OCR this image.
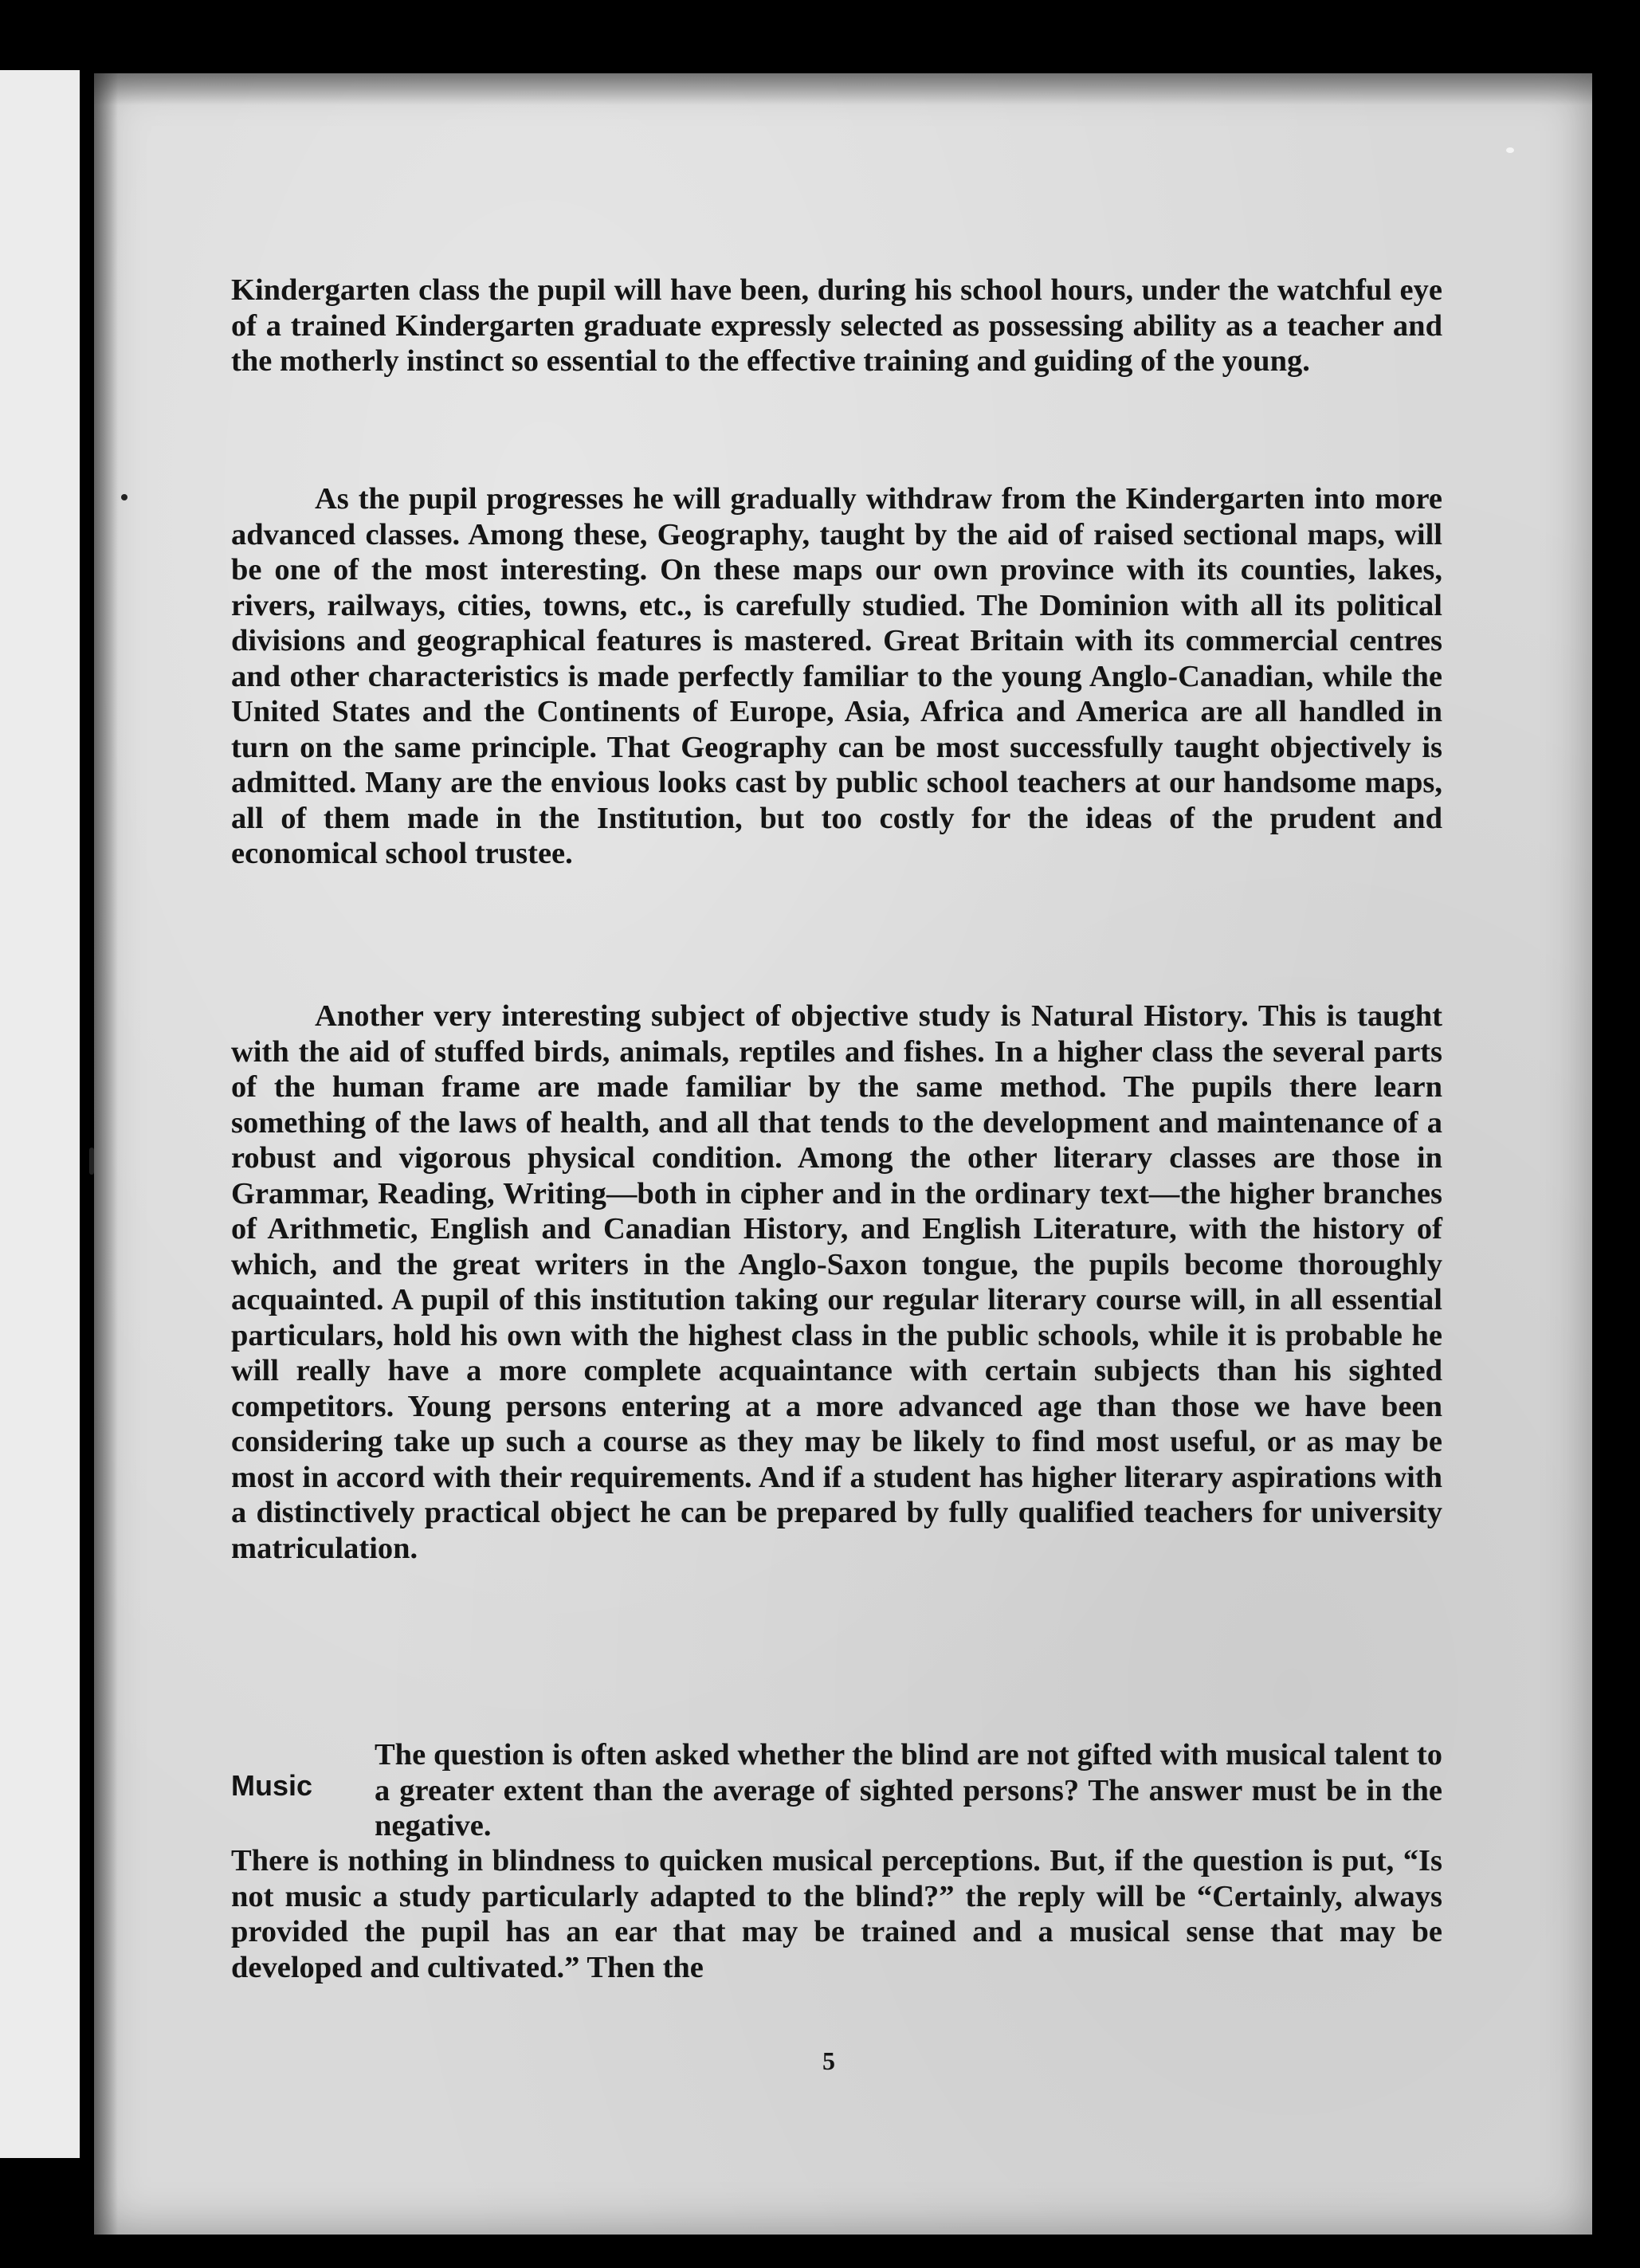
Kindergarten class the pupil will have been, during his school hours, under the watchful eye of a trained Kindergarten graduate expressly selected as possessing ability as a teacher and the motherly instinct so essential to the effective training and guiding of the young.

As the pupil progresses he will gradually withdraw from the Kindergarten into more advanced classes. Among these, Geography, taught by the aid of raised sectional maps, will be one of the most interesting. On these maps our own province with its counties, lakes, rivers, railways, cities, towns, etc., is carefully studied. The Dominion with all its political divisions and geographical features is mastered. Great Britain with its commercial centres and other characteristics is made perfectly familiar to the young Anglo-Canadian, while the United States and the Continents of Europe, Asia, Africa and America are all handled in turn on the same principle. That Geography can be most successfully taught objectively is admitted. Many are the envious looks cast by public school teachers at our handsome maps, all of them made in the Institution, but too costly for the ideas of the prudent and economical school trustee.

Another very interesting subject of objective study is Natural History. This is taught with the aid of stuffed birds, animals, reptiles and fishes. In a higher class the several parts of the human frame are made familiar by the same method. The pupils there learn something of the laws of health, and all that tends to the development and maintenance of a robust and vigorous physical condition. Among the other literary classes are those in Grammar, Reading, Writing—both in cipher and in the ordinary text—the higher branches of Arithmetic, English and Canadian History, and English Literature, with the history of which, and the great writers in the Anglo-Saxon tongue, the pupils become thoroughly acquainted. A pupil of this institution taking our regular literary course will, in all essential particulars, hold his own with the highest class in the public schools, while it is probable he will really have a more complete acquaintance with certain subjects than his sighted competitors. Young persons entering at a more advanced age than those we have been considering take up such a course as they may be likely to find most useful, or as may be most in accord with their requirements. And if a student has higher literary aspirations with a distinctively practical object he can be prepared by fully qualified teachers for university matriculation.

Music

The question is often asked whether the blind are not gifted with musical talent to a greater extent than the average of sighted persons? The answer must be in the negative.

There is nothing in blindness to quicken musical perceptions. But, if the question is put, “Is not music a study particularly adapted to the blind?” the reply will be “Certainly, always provided the pupil has an ear that may be trained and a musical sense that may be developed and cultivated.” Then the

5
